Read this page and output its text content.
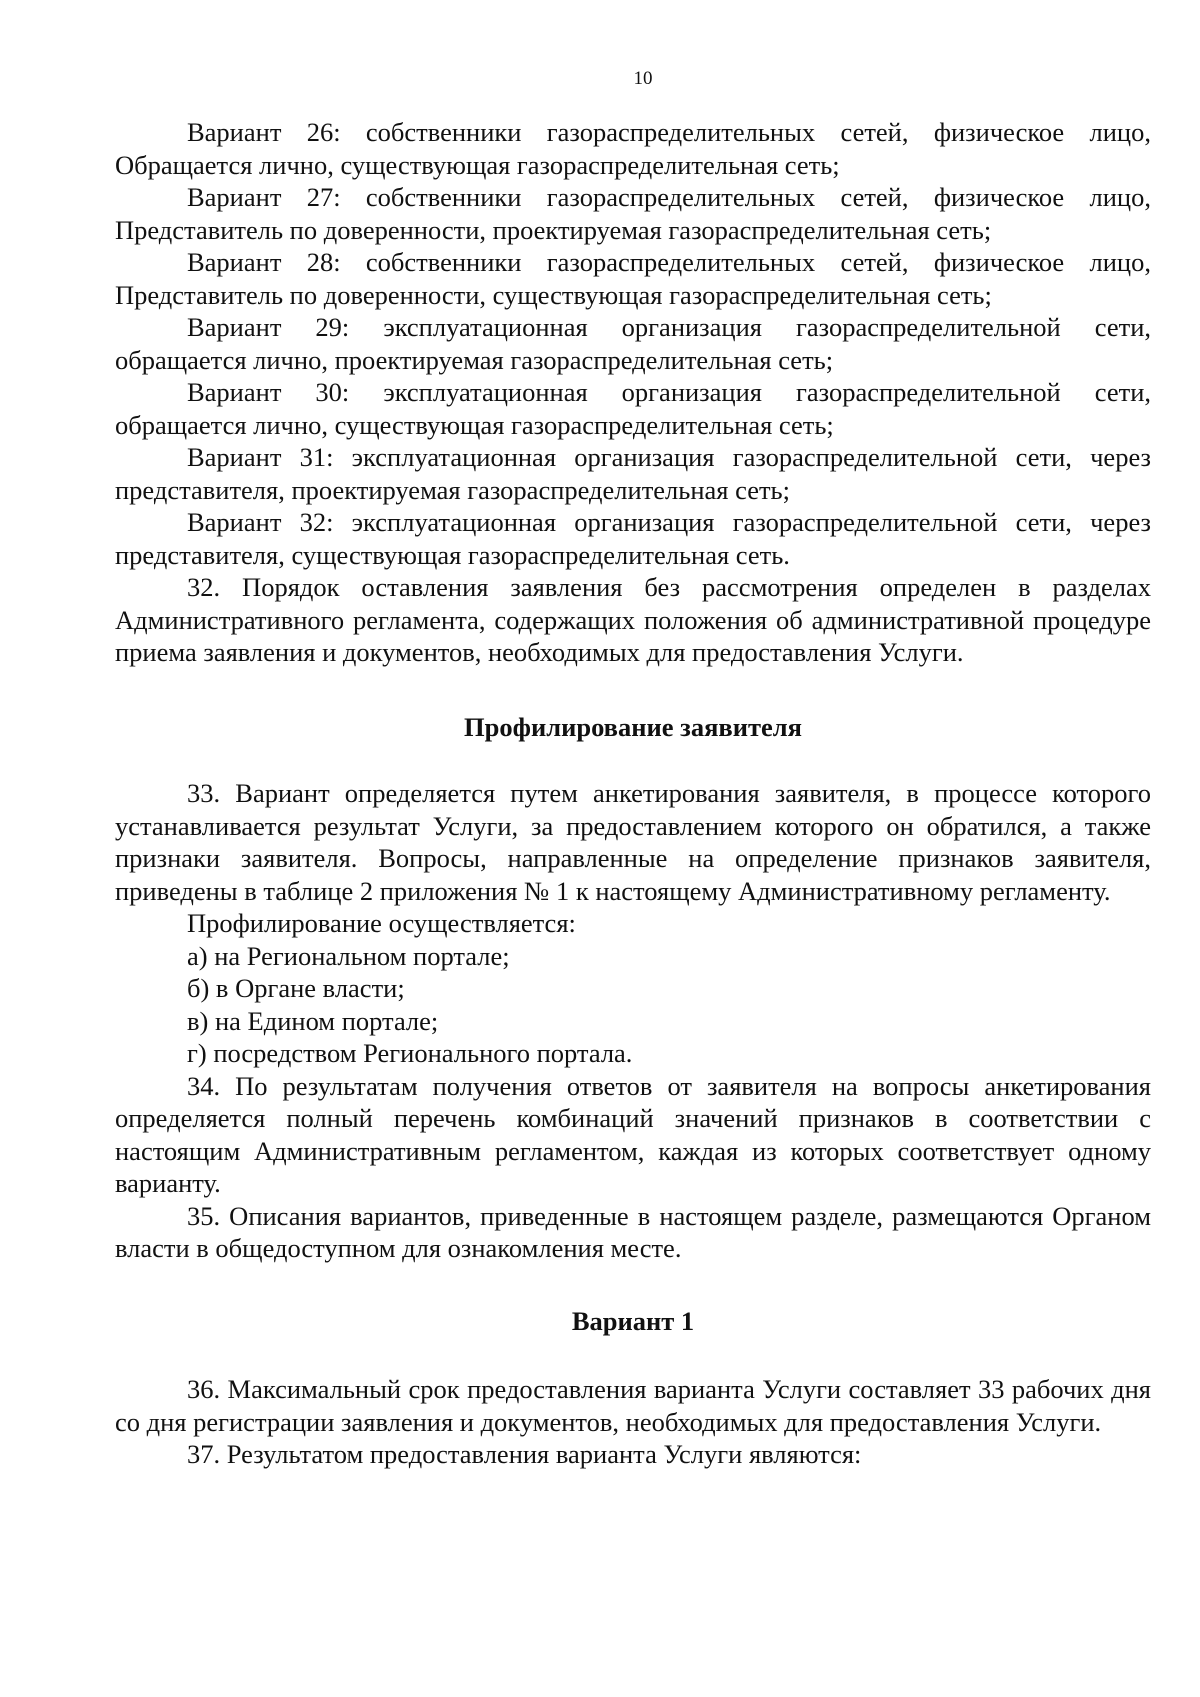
10

Вариант 26: собственники газораспределительных сетей, физическое лицо, Обращается лично, существующая газораспределительная сеть;

Вариант 27: собственники газораспределительных сетей, физическое лицо, Представитель по доверенности, проектируемая газораспределительная сеть;

Вариант 28: собственники газораспределительных сетей, физическое лицо, Представитель по доверенности, существующая газораспределительная сеть;

Вариант 29: эксплуатационная организация газораспределительной сети, обращается лично, проектируемая газораспределительная сеть;

Вариант 30: эксплуатационная организация газораспределительной сети, обращается лично, существующая газораспределительная сеть;

Вариант 31: эксплуатационная организация газораспределительной сети, через представителя, проектируемая газораспределительная сеть;

Вариант 32: эксплуатационная организация газораспределительной сети, через представителя, существующая газораспределительная сеть.

32. Порядок оставления заявления без рассмотрения определен в разделах Административного регламента, содержащих положения об административной процедуре приема заявления и документов, необходимых для предоставления Услуги.

Профилирование заявителя

33. Вариант определяется путем анкетирования заявителя, в процессе которого устанавливается результат Услуги, за предоставлением которого он обратился, а также признаки заявителя. Вопросы, направленные на определение признаков заявителя, приведены в таблице 2 приложения № 1 к настоящему Административному регламенту.

Профилирование осуществляется:

а) на Региональном портале;

б) в Органе власти;

в) на Едином портале;

г) посредством Регионального портала.

34. По результатам получения ответов от заявителя на вопросы анкетирования определяется полный перечень комбинаций значений признаков в соответствии с настоящим Административным регламентом, каждая из которых соответствует одному варианту.

35. Описания вариантов, приведенные в настоящем разделе, размещаются Органом власти в общедоступном для ознакомления месте.

Вариант 1

36. Максимальный срок предоставления варианта Услуги составляет 33 рабочих дня со дня регистрации заявления и документов, необходимых для предоставления Услуги.

37. Результатом предоставления варианта Услуги являются:
